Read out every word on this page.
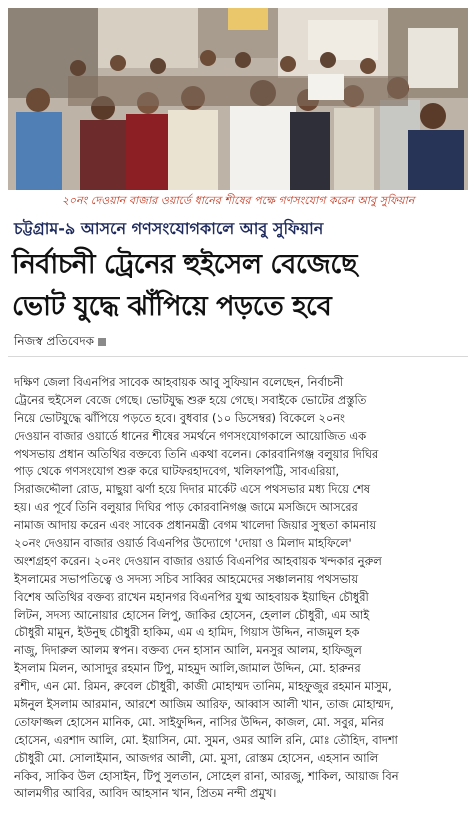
২০নং দেওয়ান বাজার ওয়ার্ডে ধানের শীষের পক্ষে গণসংযোগ করেন আবু সুফিয়ান
চট্টগ্রাম-৯ আসনে গণসংযোগকালে আবু সুফিয়ান
নির্বাচনী ট্রেনের হুইসেল বেজেছে
ভোট যুদ্ধে ঝাঁপিয়ে পড়তে হবে
নিজস্ব প্রতিবেদক
দক্ষিণ জেলা বিএনপির সাবেক আহবায়ক আবু সুফিয়ান বলেছেন, নির্বাচনী
ট্রেনের হুইসেল বেজে গেছে। ভোটযুদ্ধ শুরু হয়ে গেছে। সবাইকে ভোটের প্রস্তুতি
নিয়ে ভোটযুদ্ধে ঝাঁপিয়ে পড়তে হবে। বুধবার (১০ ডিসেম্বর) বিকেলে ২০নং
দেওয়ান বাজার ওয়ার্ডে ধানের শীষের সমর্থনে গণসংযোগকালে আয়োজিত এক
পথসভায় প্রধান অতিথির বক্তব্যে তিনি একথা বলেন। কোরবানিগঞ্জ বলুয়ার দিঘির
পাড় থেকে গণসংযোগ শুরু করে ঘাটফরহাদবেগ, খলিফাপট্টি, সাবএরিয়া,
সিরাজদ্দৌলা রোড, মাছুয়া ঝর্ণা হয়ে দিদার মার্কেট এসে পথসভার মধ্য দিয়ে শেষ
হয়। এর পূর্বে তিনি বলুয়ার দিঘির পাড় কোরবানিগঞ্জ জামে মসজিদে আসরের
নামাজ আদায় করেন এবং সাবেক প্রধানমন্ত্রী বেগম খালেদা জিয়ার সুস্থতা কামনায়
২০নং দেওয়ান বাজার ওয়ার্ড বিএনপির উদ্যোগে 'দোয়া ও মিলাদ মাহফিলে'
অংশগ্রহণ করেন। ২০নং দেওয়ান বাজার ওয়ার্ড বিএনপির আহবায়ক খন্দকার নুরুল
ইসলামের সভাপতিত্বে ও সদস্য সচিব সাব্বির আহমেদের সঞ্চালনায় পথসভায়
বিশেষ অতিথির বক্তব্য রাখেন মহানগর বিএনপির যুগ্ম আহবায়ক ইয়াছিন চৌধুরী
লিটন, সদস্য আনোয়ার হোসেন লিপু, জাকির হোসেন, হেলাল চৌধুরী, এম আই
চৌধুরী মামুন, ইউনুছ চৌধুরী হাকিম, এম এ হামিদ, গিয়াস উদ্দিন, নাজমুল হক
নাজু, দিদারুল আলম স্বপন। বক্তব্য দেন হাসান আলি, মনসুর আলম, হাফিজুল
ইসলাম মিলন, আসাদুর রহমান টিপু, মাহমুদ আলি,জামাল উদ্দিন, মো. হারুনর
রশীদ, এন মো. রিমন, রুবেল চৌধুরী, কাজী মোহাম্মদ তানিম, মাহফুজুর রহমান মাসুম,
মঈনুল ইসলাম আরমান, আরশে আজিম আরিফ, আব্বাস আলী খান, তাজ মোহাম্মদ,
তোফাজ্জল হোসেন মানিক, মো. সাইফুদ্দিন, নাসির উদ্দিন, কাজল, মো. সবুর, মনির
হোসেন, এরশাদ আলি, মো. ইয়াসিন, মো. সুমন, ওমর আলি রনি, মোঃ তৌহিদ, বাদশা
চৌধুরী মো. সোলাইমান, আজগর আলী, মো. মুসা, রোস্তম হোসেন, এহসান আলি
নকিব, সাকিব উল হোসাইন, টিপু সুলতান, সোহেল রানা, আরজু, শাকিল, আয়াজ বিন
আলমগীর আবির, আবিদ আহসান খান, প্রিতম নন্দী প্রমুখ।
